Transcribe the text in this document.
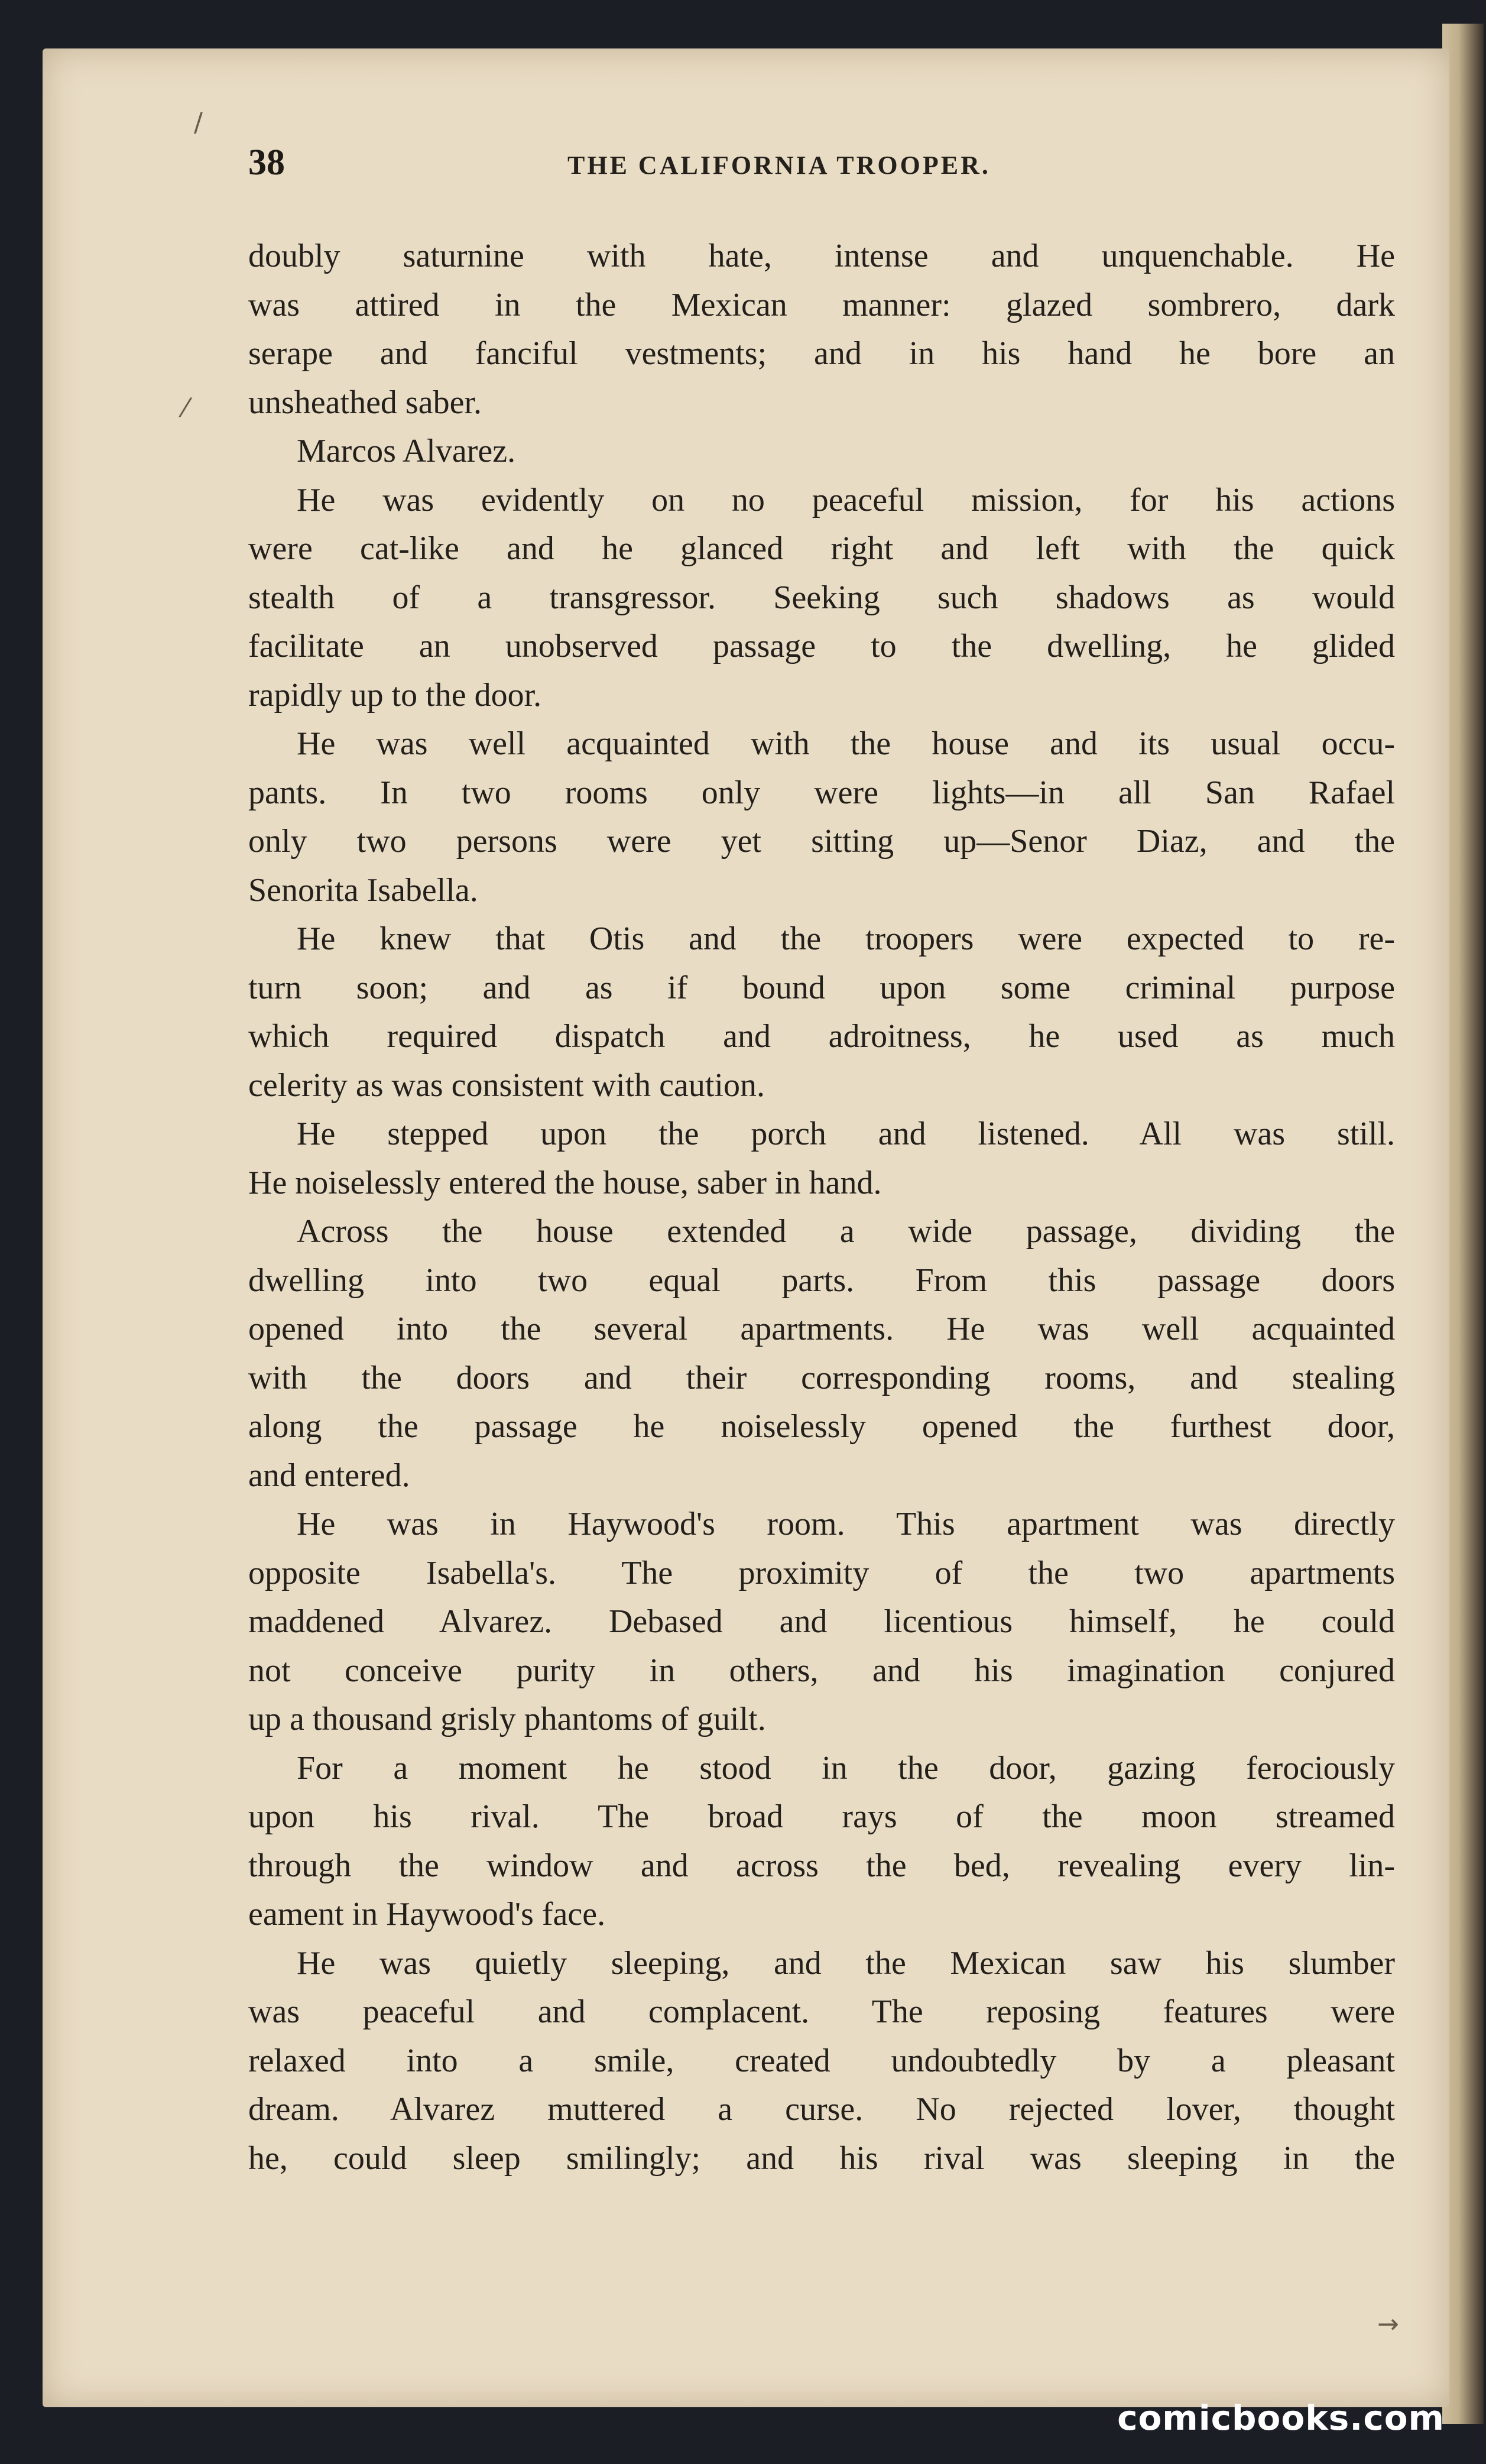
38	THE CALIFORNIA TROOPER.
doubly saturnine with hate, intense and unquenchable. He
was attired in the Mexican manner: glazed sombrero, dark
serape and fanciful vestments; and in his hand he bore an
unsheathed saber.
Marcos Alvarez.
He was evidently on no peaceful mission, for his actions
were cat-like and he glanced right and left with the quick
stealth of a transgressor. Seeking such shadows as would
facilitate an unobserved passage to the dwelling, he glided
rapidly up to the door.
He was well acquainted with the house and its usual occu-
pants. In two rooms only were lights—in all San Rafael
only two persons were yet sitting up—Senor Diaz, and the
Senorita Isabella.
He knew that Otis and the troopers were expected to re-
turn soon; and as if bound upon some criminal purpose
which required dispatch and adroitness, he used as much
celerity as was consistent with caution.
He stepped upon the porch and listened. All was still.
He noiselessly entered the house, saber in hand.
Across the house extended a wide passage, dividing the
dwelling into two equal parts. From this passage doors
opened into the several apartments. He was well acquainted
with the doors and their corresponding rooms, and stealing
along the passage he noiselessly opened the furthest door,
and entered.
He was in Haywood's room. This apartment was directly
opposite Isabella's. The proximity of the two apartments
maddened Alvarez. Debased and licentious himself, he could
not conceive purity in others, and his imagination conjured
up a thousand grisly phantoms of guilt.
For a moment he stood in the door, gazing ferociously
upon his rival. The broad rays of the moon streamed
through the window and across the bed, revealing every lin-
eament in Haywood's face.
He was quietly sleeping, and the Mexican saw his slumber
was peaceful and complacent. The reposing features were
relaxed into a smile, created undoubtedly by a pleasant
dream. Alvarez muttered a curse. No rejected lover, thought
he, could sleep smilingly; and his rival was sleeping in the
/
⁄
→
comicbooks.com
